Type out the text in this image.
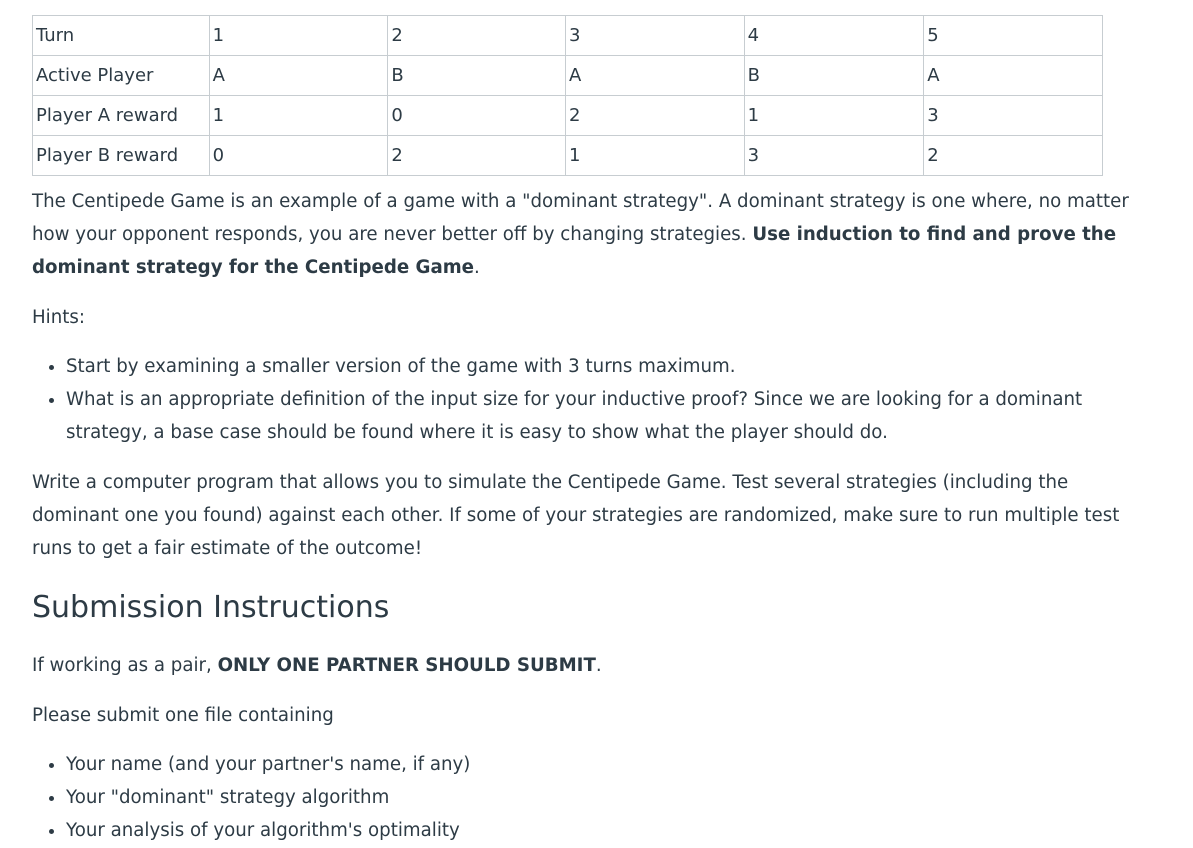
Turn	1	2	3	4	5
Active Player	A	B	A	B	A
Player A reward	1	0	2	1	3
Player B reward	0	2	1	3	2

The Centipede Game is an example of a game with a "dominant strategy". A dominant strategy is one where, no matter how your opponent responds, you are never better off by changing strategies. Use induction to find and prove the dominant strategy for the Centipede Game.

Hints:

• Start by examining a smaller version of the game with 3 turns maximum.
• What is an appropriate definition of the input size for your inductive proof? Since we are looking for a dominant strategy, a base case should be found where it is easy to show what the player should do.

Write a computer program that allows you to simulate the Centipede Game. Test several strategies (including the dominant one you found) against each other. If some of your strategies are randomized, make sure to run multiple test runs to get a fair estimate of the outcome!

Submission Instructions

If working as a pair, ONLY ONE PARTNER SHOULD SUBMIT.

Please submit one file containing

• Your name (and your partner's name, if any)
• Your "dominant" strategy algorithm
• Your analysis of your algorithm's optimality
